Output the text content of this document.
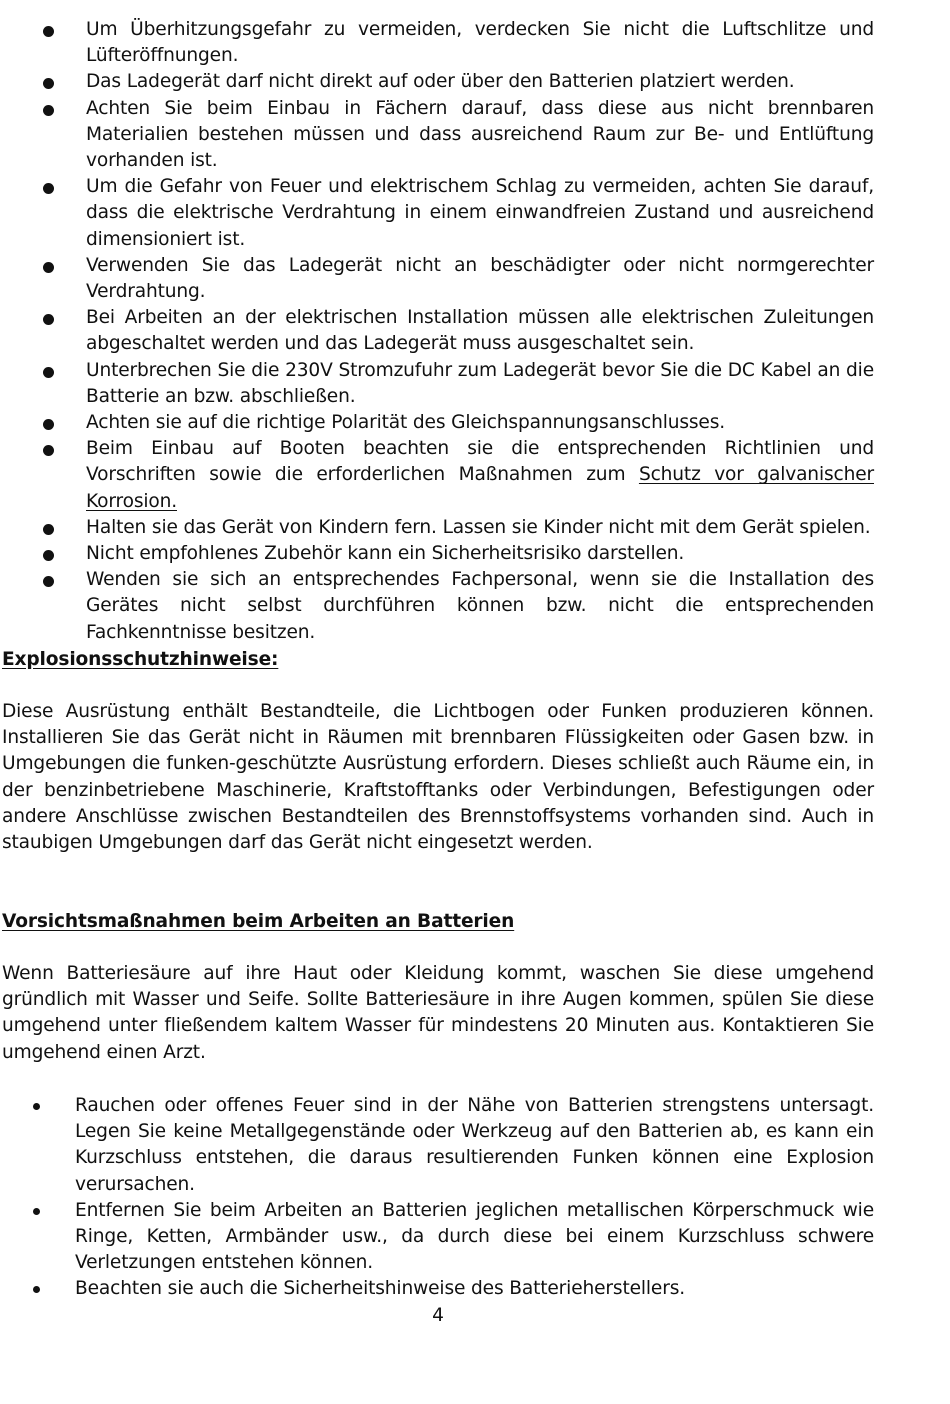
Um Überhitzungsgefahr zu vermeiden, verdecken Sie nicht die Luftschlitze und Lüfteröffnungen.
Das Ladegerät darf nicht direkt auf oder über den Batterien platziert werden.
Achten Sie beim Einbau in Fächern darauf, dass diese aus nicht brennbaren Materialien bestehen müssen und dass ausreichend Raum zur Be- und Entlüftung vorhanden ist.
Um die Gefahr von Feuer und elektrischem Schlag zu vermeiden, achten Sie darauf, dass die elektrische Verdrahtung in einem einwandfreien Zustand und ausreichend dimensioniert ist.
Verwenden Sie das Ladegerät nicht an beschädigter oder nicht normgerechter Verdrahtung.
Bei Arbeiten an der elektrischen Installation müssen alle elektrischen Zuleitungen abgeschaltet werden und das Ladegerät muss ausgeschaltet sein.
Unterbrechen Sie die 230V Stromzufuhr zum Ladegerät bevor Sie die DC Kabel an die Batterie an bzw. abschließen.
Achten sie auf die richtige Polarität des Gleichspannungsanschlusses.
Beim Einbau auf Booten beachten sie die entsprechenden Richtlinien und Vorschriften sowie die erforderlichen Maßnahmen zum Schutz vor galvanischer Korrosion.
Halten sie das Gerät von Kindern fern. Lassen sie Kinder nicht mit dem Gerät spielen.
Nicht empfohlenes Zubehör kann ein Sicherheitsrisiko darstellen.
Wenden sie sich an entsprechendes Fachpersonal, wenn sie die Installation des Gerätes nicht selbst durchführen können bzw. nicht die entsprechenden Fachkenntnisse besitzen.
Explosionsschutzhinweise:

Diese Ausrüstung enthält Bestandteile, die Lichtbogen oder Funken produzieren können. Installieren Sie das Gerät nicht in Räumen mit brennbaren Flüssigkeiten oder Gasen bzw. in Umgebungen die funken-geschützte Ausrüstung erfordern. Dieses schließt auch Räume ein, in der benzinbetriebene Maschinerie, Kraftstofftanks oder Verbindungen, Befestigungen oder andere Anschlüsse zwischen Bestandteilen des Brennstoffsystems vorhanden sind. Auch in staubigen Umgebungen darf das Gerät nicht eingesetzt werden.

Vorsichtsmaßnahmen beim Arbeiten an Batterien

Wenn Batteriesäure auf ihre Haut oder Kleidung kommt, waschen Sie diese umgehend gründlich mit Wasser und Seife. Sollte Batteriesäure in ihre Augen kommen, spülen Sie diese umgehend unter fließendem kaltem Wasser für mindestens 20 Minuten aus. Kontaktieren Sie umgehend einen Arzt.

Rauchen oder offenes Feuer sind in der Nähe von Batterien strengstens untersagt. Legen Sie keine Metallgegenstände oder Werkzeug auf den Batterien ab, es kann ein Kurzschluss entstehen, die daraus resultierenden Funken können eine Explosion verursachen.
Entfernen Sie beim Arbeiten an Batterien jeglichen metallischen Körperschmuck wie Ringe, Ketten, Armbänder usw., da durch diese bei einem Kurzschluss schwere Verletzungen entstehen können.
Beachten sie auch die Sicherheitshinweise des Batterieherstellers.
4
